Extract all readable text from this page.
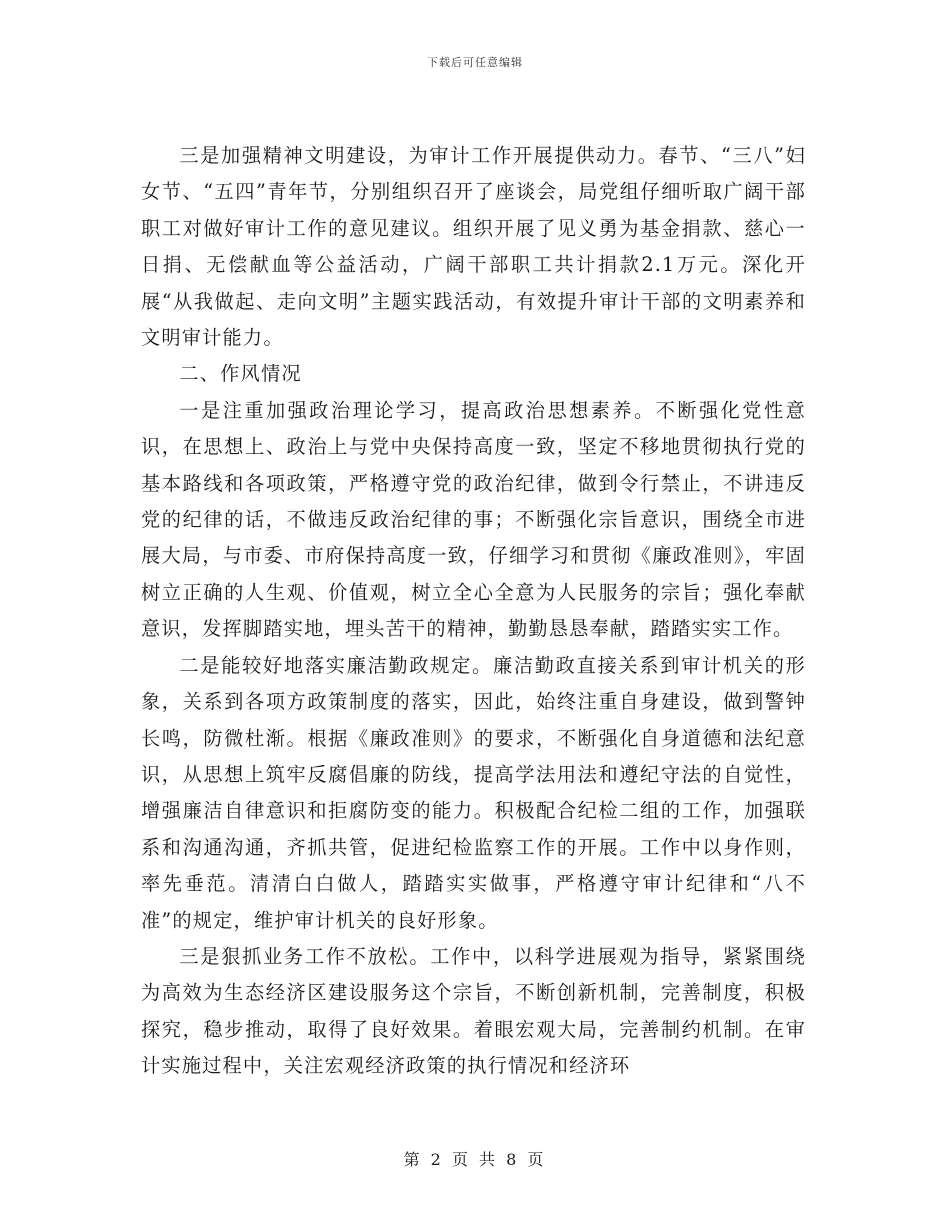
下载后可任意编辑

三是加强精神文明建设，为审计工作开展提供动力。春节、“三八”妇女节、“五四”青年节，分别组织召开了座谈会，局党组仔细听取广阔干部职工对做好审计工作的意见建议。组织开展了见义勇为基金捐款、慈心一日捐、无偿献血等公益活动，广阔干部职工共计捐款2.1万元。深化开展“从我做起、走向文明”主题实践活动，有效提升审计干部的文明素养和文明审计能力。

二、作风情况

一是注重加强政治理论学习，提高政治思想素养。不断强化党性意识，在思想上、政治上与党中央保持高度一致，坚定不移地贯彻执行党的基本路线和各项政策，严格遵守党的政治纪律，做到令行禁止，不讲违反党的纪律的话，不做违反政治纪律的事；不断强化宗旨意识，围绕全市进展大局，与市委、市府保持高度一致，仔细学习和贯彻《廉政准则》，牢固树立正确的人生观、价值观，树立全心全意为人民服务的宗旨；强化奉献意识，发挥脚踏实地，埋头苦干的精神，勤勤恳恳奉献，踏踏实实工作。

二是能较好地落实廉洁勤政规定。廉洁勤政直接关系到审计机关的形象，关系到各项方政策制度的落实，因此，始终注重自身建设，做到警钟长鸣，防微杜渐。根据《廉政准则》的要求，不断强化自身道德和法纪意识，从思想上筑牢反腐倡廉的防线，提高学法用法和遵纪守法的自觉性，增强廉洁自律意识和拒腐防变的能力。积极配合纪检二组的工作，加强联系和沟通沟通，齐抓共管，促进纪检监察工作的开展。工作中以身作则，率先垂范。清清白白做人，踏踏实实做事，严格遵守审计纪律和“八不准”的规定，维护审计机关的良好形象。

三是狠抓业务工作不放松。工作中，以科学进展观为指导，紧紧围绕为高效为生态经济区建设服务这个宗旨，不断创新机制，完善制度，积极探究，稳步推动，取得了良好效果。着眼宏观大局，完善制约机制。在审计实施过程中，关注宏观经济政策的执行情况和经济环

第 2 页 共 8 页
